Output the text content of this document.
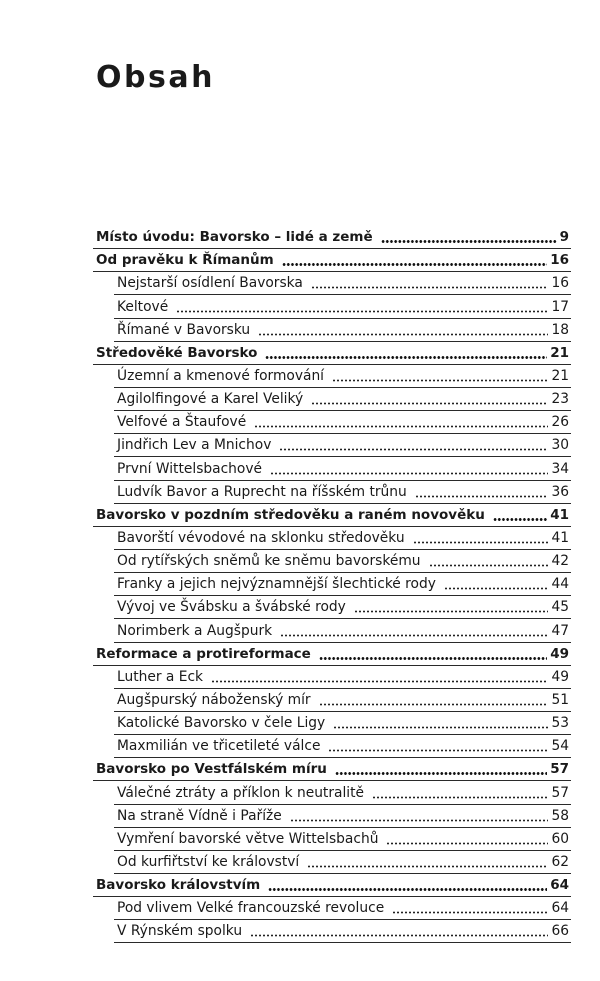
Obsah
Místo úvodu: Bavorsko – lidé a země	9
Od pravěku k Římanům	16
Nejstarší osídlení Bavorska	16
Keltové	17
Římané v Bavorsku	18
Středověké Bavorsko	21
Územní a kmenové formování	21
Agilolfingové a Karel Veliký	23
Velfové a Štaufové	26
Jindřich Lev a Mnichov	30
První Wittelsbachové	34
Ludvík Bavor a Ruprecht na říšském trůnu	36
Bavorsko v pozdním středověku a raném novověku	41
Bavorští vévodové na sklonku středověku	41
Od rytířských sněmů ke sněmu bavorskému	42
Franky a jejich nejvýznamnější šlechtické rody	44
Vývoj ve Švábsku a švábské rody	45
Norimberk a Augšpurk	47
Reformace a protireformace	49
Luther a Eck	49
Augšpurský náboženský mír	51
Katolické Bavorsko v čele Ligy	53
Maxmilián ve třicetileté válce	54
Bavorsko po Vestfálském míru	57
Válečné ztráty a příklon k neutralitě	57
Na straně Vídně i Paříže	58
Vymření bavorské větve Wittelsbachů	60
Od kurfiřtství ke království	62
Bavorsko královstvím	64
Pod vlivem Velké francouzské revoluce	64
V Rýnském spolku	66
